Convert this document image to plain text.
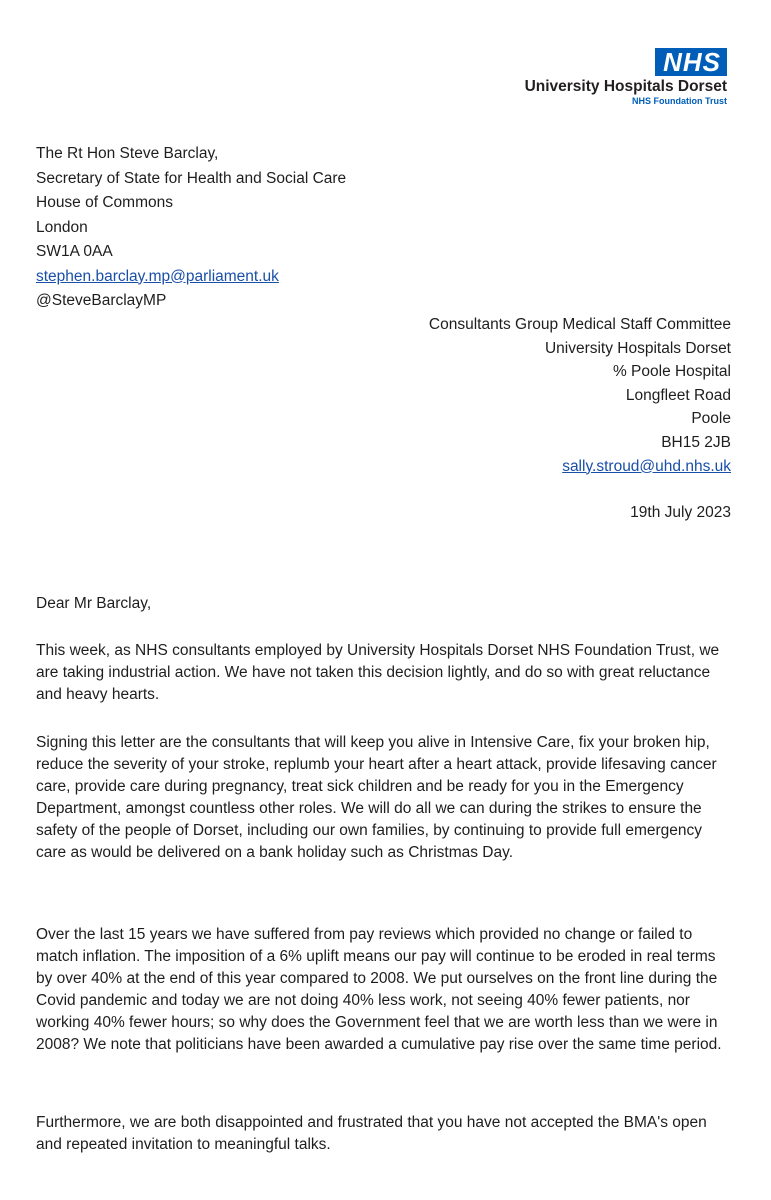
NHS
University Hospitals Dorset
NHS Foundation Trust
The Rt Hon Steve Barclay,
Secretary of State for Health and Social Care
House of Commons
London
SW1A 0AA
stephen.barclay.mp@parliament.uk
@SteveBarclayMP
Consultants Group Medical Staff Committee
University Hospitals Dorset
% Poole Hospital
Longfleet Road
Poole
BH15 2JB
sally.stroud@uhd.nhs.uk
19th July 2023
Dear Mr Barclay,
This week, as NHS consultants employed by University Hospitals Dorset NHS Foundation Trust, we are taking industrial action. We have not taken this decision lightly, and do so with great reluctance and heavy hearts.
Signing this letter are the consultants that will keep you alive in Intensive Care, fix your broken hip, reduce the severity of your stroke, replumb your heart after a heart attack, provide lifesaving cancer care, provide care during pregnancy, treat sick children and be ready for you in the Emergency Department, amongst countless other roles. We will do all we can during the strikes to ensure the safety of the people of Dorset, including our own families, by continuing to provide full emergency care as would be delivered on a bank holiday such as Christmas Day.
Over the last 15 years we have suffered from pay reviews which provided no change or failed to match inflation. The imposition of a 6% uplift means our pay will continue to be eroded in real terms by over 40% at the end of this year compared to 2008. We put ourselves on the front line during the Covid pandemic and today we are not doing 40% less work, not seeing 40% fewer patients, nor working 40% fewer hours; so why does the Government feel that we are worth less than we were in 2008? We note that politicians have been awarded a cumulative pay rise over the same time period.
Furthermore, we are both disappointed and frustrated that you have not accepted the BMA's open and repeated invitation to meaningful talks.
